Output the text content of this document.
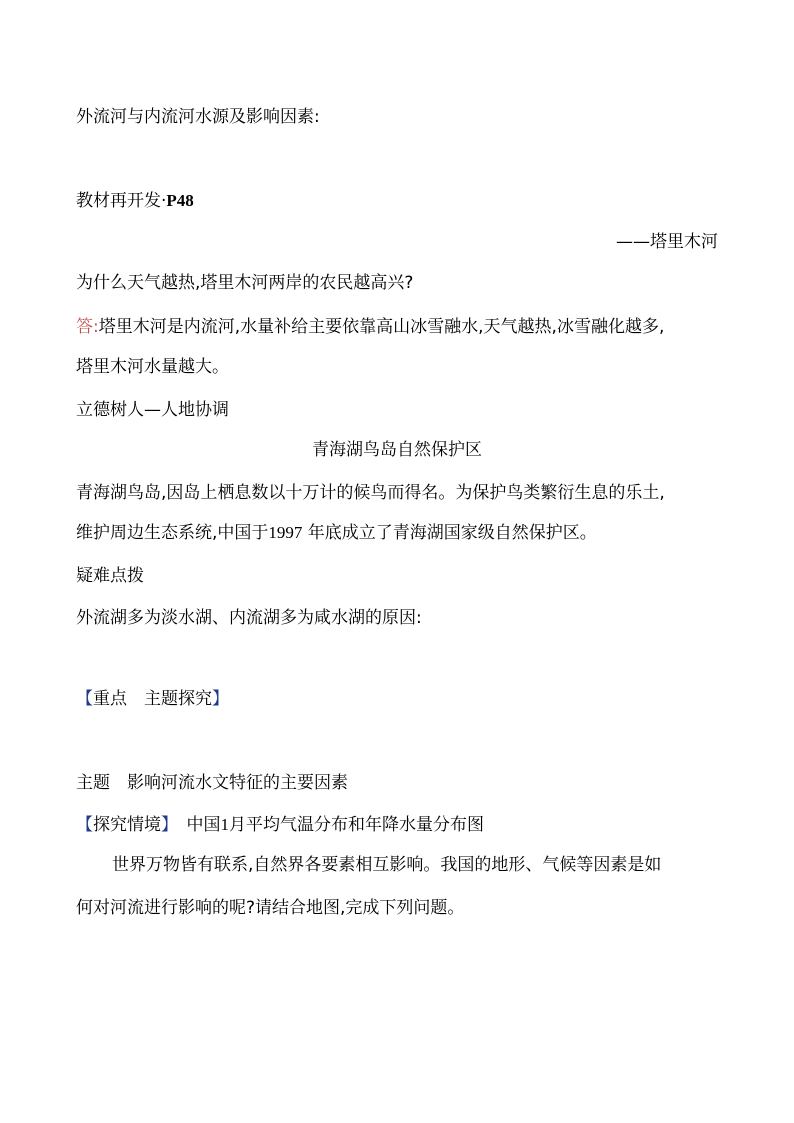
外流河与内流河水源及影响因素:
教材再开发·P48
——塔里木河
为什么天气越热,塔里木河两岸的农民越高兴?
答:塔里木河是内流河,水量补给主要依靠高山冰雪融水,天气越热,冰雪融化越多,
塔里木河水量越大。
立德树人—人地协调
青海湖鸟岛自然保护区
青海湖鸟岛,因岛上栖息数以十万计的候鸟而得名。为保护鸟类繁衍生息的乐土,
维护周边生态系统,中国于1997 年底成立了青海湖国家级自然保护区。
疑难点拨
外流湖多为淡水湖、内流湖多为咸水湖的原因:
【重点　主题探究】
主题　影响河流水文特征的主要因素
【探究情境】　中国1月平均气温分布和年降水量分布图
世界万物皆有联系,自然界各要素相互影响。我国的地形、气候等因素是如
何对河流进行影响的呢?请结合地图,完成下列问题。
